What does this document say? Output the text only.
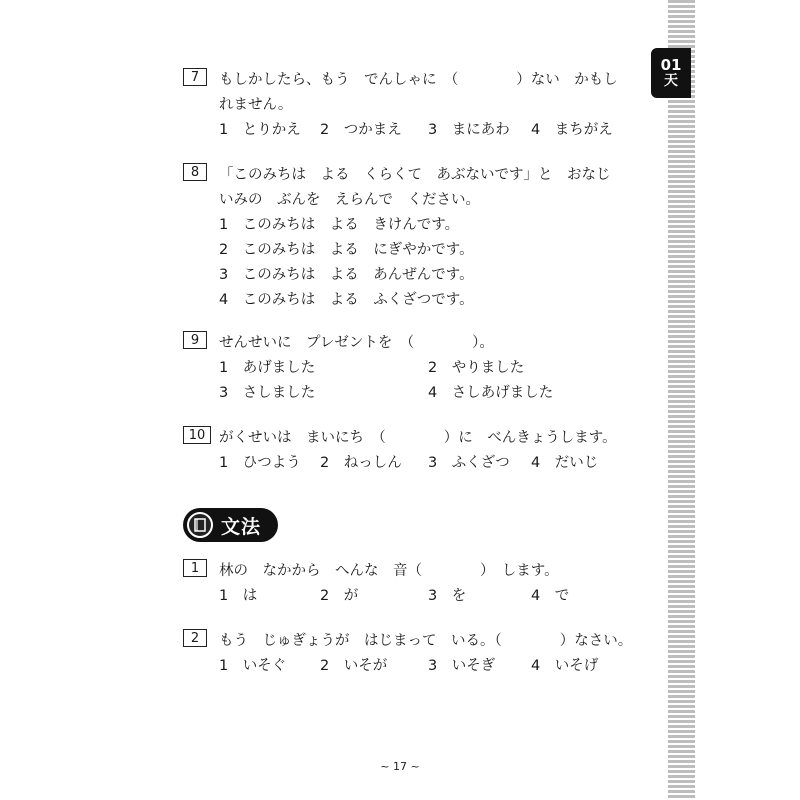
01
天
7	もしかしたら、もう　でんしゃに　（　　　　）ない　かもし
れません。
1　とりかえ 2　つかまえ 3　まにあわ 4　まちがえ
8	「このみちは　よる　くらくて　あぶないです」と　おなじ
いみの　ぶんを　えらんで　ください。
1　このみちは　よる　きけんです。
2　このみちは　よる　にぎやかです。
3　このみちは　よる　あんぜんです。
4　このみちは　よる　ふくざつです。
9	せんせいに　プレゼントを　（　　　　）。
1　あげました	2　やりました
3　さしました	4　さしあげました
10 がくせいは　まいにち　（　　　　）に　べんきょうします。
1　ひつよう 2　ねっしん 3　ふくざつ 4　だいじ
文法
1	林の　なかから　へんな　音（　　　　）　します。
1　は	2　が	3　を	4　で
2	もう　じゅぎょうが　はじまって　いる。（　　　　）なさい。
1　いそぐ 2　いそが	3　いそぎ 4　いそげ
~ 17 ~
